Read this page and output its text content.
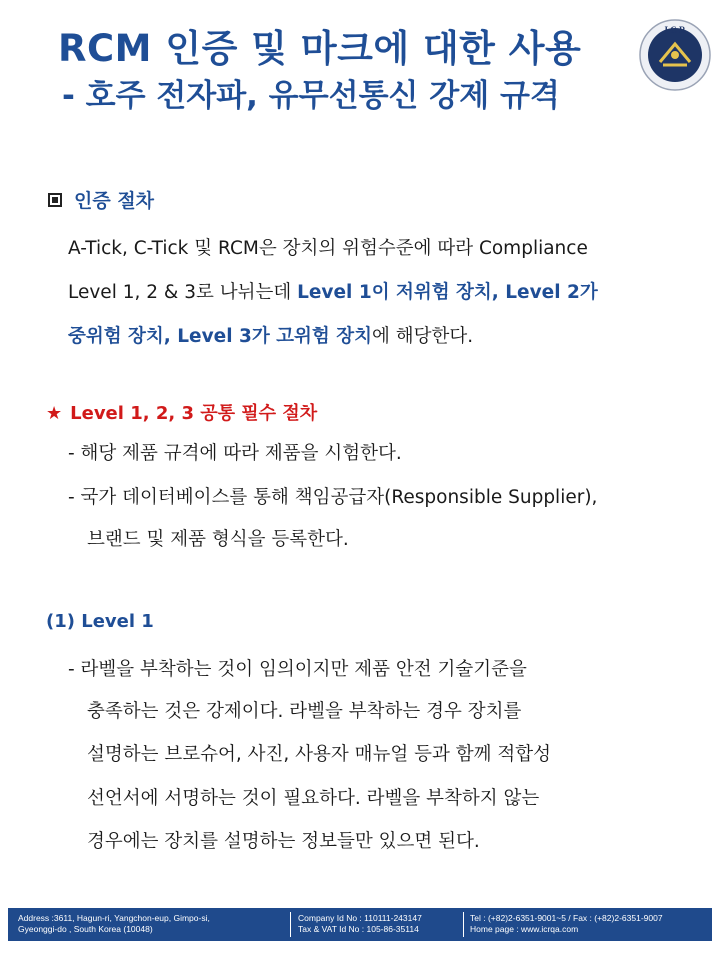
RCM 인증 및 마크에 대한 사용
- 호주 전자파, 유무선통신 강제 규격
I C R
인증 절차
A-Tick, C-Tick 및 RCM은 장치의 위험수준에 따라 Compliance
Level 1, 2 & 3로 나뉘는데 Level 1이 저위험 장치, Level 2가
중위험 장치, Level 3가 고위험 장치에 해당한다.
★ Level 1, 2, 3 공통 필수 절차
- 해당 제품 규격에 따라 제품을 시험한다.
- 국가 데이터베이스를 통해 책임공급자(Responsible Supplier),
브랜드 및 제품 형식을 등록한다.
(1) Level 1
- 라벨을 부착하는 것이 임의이지만 제품 안전 기술기준을
충족하는 것은 강제이다. 라벨을 부착하는 경우 장치를
설명하는 브로슈어, 사진, 사용자 매뉴얼 등과 함께 적합성
선언서에 서명하는 것이 필요하다. 라벨을 부착하지 않는
경우에는 장치를 설명하는 정보들만 있으면 된다.
Address :3611, Hagun-ri, Yangchon-eup, Gimpo-si,
Gyeonggi-do , South Korea (10048)
Company Id No : 110111-243147
Tax & VAT Id No : 105-86-35114
Tel : (+82)2-6351-9001~5 / Fax : (+82)2-6351-9007
Home page : www.icrqa.com
